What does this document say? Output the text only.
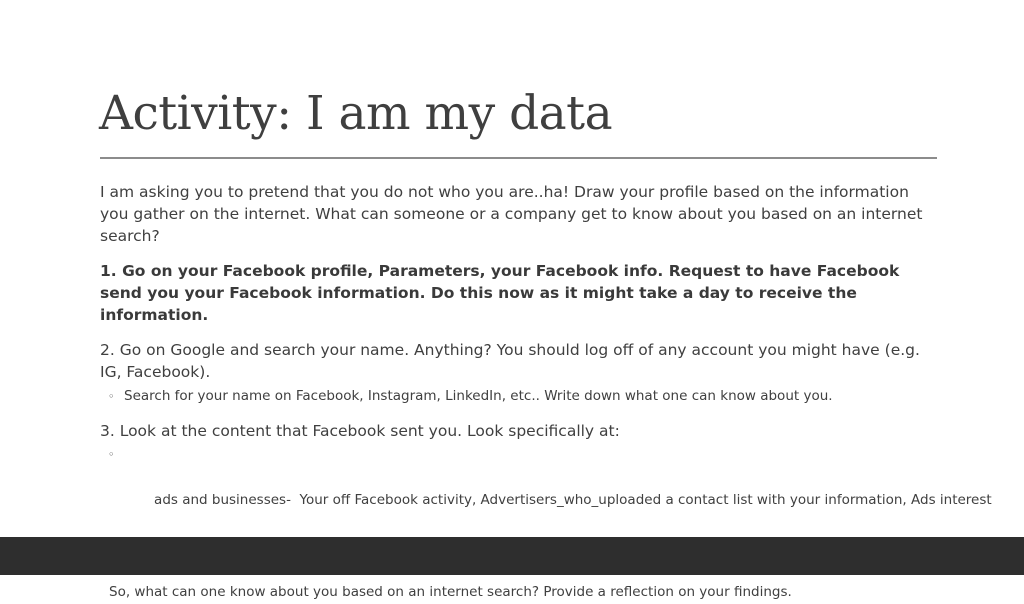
Activity: I am my data

I am asking you to pretend that you do not who you are..ha! Draw your profile based on the information you gather on the internet. What can someone or a company get to know about you based on an internet search?

1. Go on your Facebook profile, Parameters, your Facebook info. Request to have Facebook send you your Facebook information. Do this now as it might take a day to receive the information.

2. Go on Google and search your name. Anything? You should log off of any account you might have (e.g. IG, Facebook).

◦ Search for your name on Facebook, Instagram, LinkedIn, etc.. Write down what one can know about you.

3. Look at the content that Facebook sent you. Look specifically at:

◦

ads and businesses-  Your off Facebook activity, Advertisers_who_uploaded a contact list with your information, Ads interest

So, what can one know about you based on an internet search? Provide a reflection on your findings.
